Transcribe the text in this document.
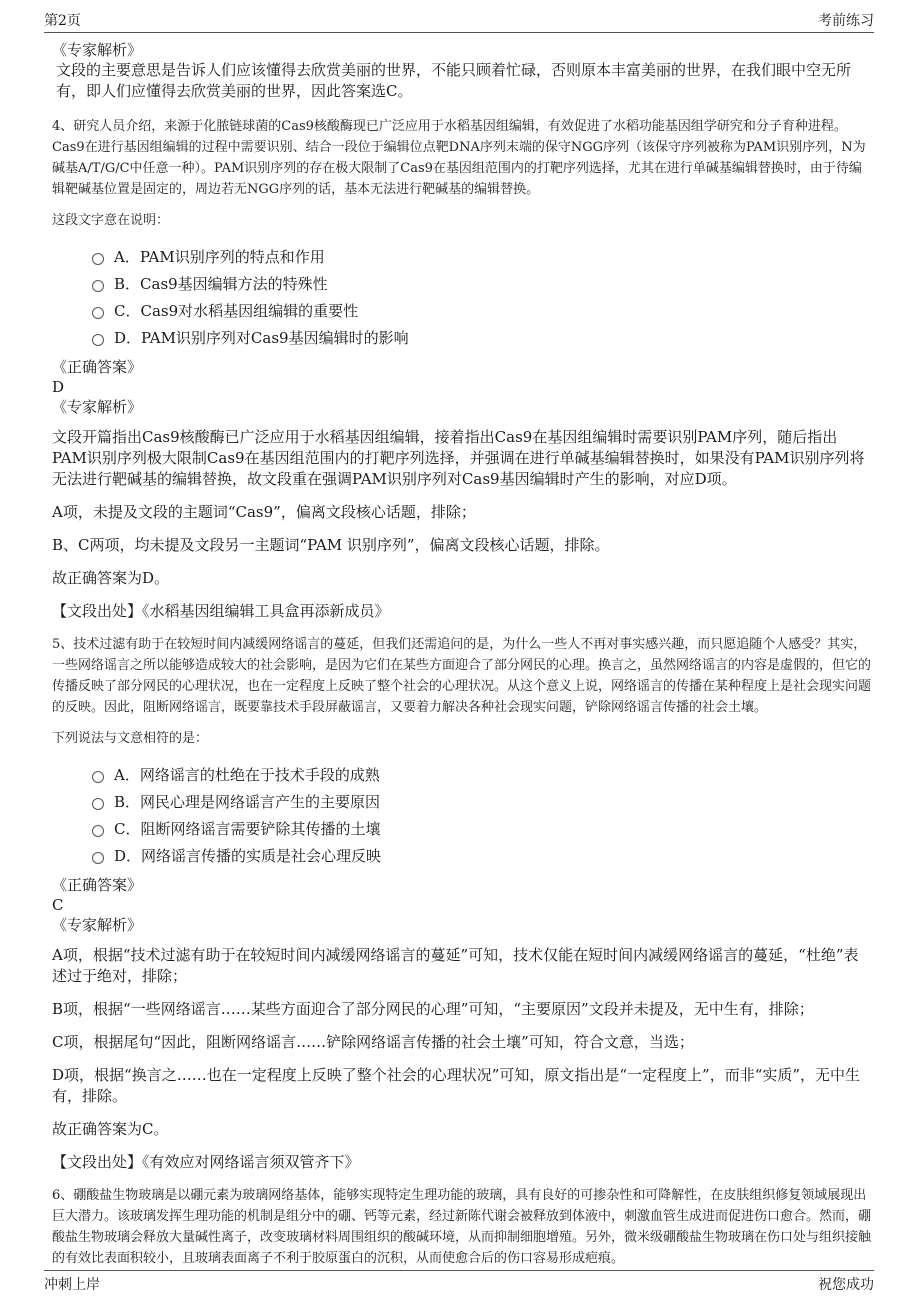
第2页	考前练习

《专家解析》

文段的主要意思是告诉人们应该懂得去欣赏美丽的世界，不能只顾着忙碌，否则原本丰富美丽的世界，在我们眼中空无所有，即人们应懂得去欣赏美丽的世界，因此答案选C。

4、研究人员介绍，来源于化脓链球菌的Cas9核酸酶现已广泛应用于水稻基因组编辑，有效促进了水稻功能基因组学研究和分子育种进程。Cas9在进行基因组编辑的过程中需要识别、结合一段位于编辑位点靶DNA序列末端的保守NGG序列（该保守序列被称为PAM识别序列，N为碱基A/T/G/C中任意一种）。PAM识别序列的存在极大限制了Cas9在基因组范围内的打靶序列选择，尤其在进行单碱基编辑替换时，由于待编辑靶碱基位置是固定的，周边若无NGG序列的话，基本无法进行靶碱基的编辑替换。

这段文字意在说明：

A．PAM识别序列的特点和作用
B．Cas9基因编辑方法的特殊性
C．Cas9对水稻基因组编辑的重要性
D．PAM识别序列对Cas9基因编辑时的影响

《正确答案》

D

《专家解析》

文段开篇指出Cas9核酸酶已广泛应用于水稻基因组编辑，接着指出Cas9在基因组编辑时需要识别PAM序列，随后指出PAM识别序列极大限制Cas9在基因组范围内的打靶序列选择，并强调在进行单碱基编辑替换时，如果没有PAM识别序列将无法进行靶碱基的编辑替换，故文段重在强调PAM识别序列对Cas9基因编辑时产生的影响，对应D项。

A项，未提及文段的主题词“Cas9”，偏离文段核心话题，排除；

B、C两项，均未提及文段另一主题词“PAM 识别序列”，偏离文段核心话题，排除。

故正确答案为D。

【文段出处】《水稻基因组编辑工具盒再添新成员》

5、技术过滤有助于在较短时间内减缓网络谣言的蔓延，但我们还需追问的是，为什么一些人不再对事实感兴趣，而只愿追随个人感受？其实，一些网络谣言之所以能够造成较大的社会影响，是因为它们在某些方面迎合了部分网民的心理。换言之，虽然网络谣言的内容是虚假的，但它的传播反映了部分网民的心理状况，也在一定程度上反映了整个社会的心理状况。从这个意义上说，网络谣言的传播在某种程度上是社会现实问题的反映。因此，阻断网络谣言，既要靠技术手段屏蔽谣言，又要着力解决各种社会现实问题，铲除网络谣言传播的社会土壤。

下列说法与文意相符的是：

A．网络谣言的杜绝在于技术手段的成熟
B．网民心理是网络谣言产生的主要原因
C．阻断网络谣言需要铲除其传播的土壤
D．网络谣言传播的实质是社会心理反映

《正确答案》

C

《专家解析》

A项，根据“技术过滤有助于在较短时间内减缓网络谣言的蔓延”可知，技术仅能在短时间内减缓网络谣言的蔓延，“杜绝”表述过于绝对，排除；

B项，根据“一些网络谣言……某些方面迎合了部分网民的心理”可知，“主要原因”文段并未提及，无中生有，排除；

C项，根据尾句“因此，阻断网络谣言……铲除网络谣言传播的社会土壤”可知，符合文意，当选；

D项，根据“换言之……也在一定程度上反映了整个社会的心理状况”可知，原文指出是“一定程度上”，而非“实质”，无中生有，排除。

故正确答案为C。

【文段出处】《有效应对网络谣言须双管齐下》

6、硼酸盐生物玻璃是以硼元素为玻璃网络基体，能够实现特定生理功能的玻璃，具有良好的可掺杂性和可降解性，在皮肤组织修复领域展现出巨大潜力。该玻璃发挥生理功能的机制是组分中的硼、钙等元素，经过新陈代谢会被释放到体液中，刺激血管生成进而促进伤口愈合。然而，硼酸盐生物玻璃会释放大量碱性离子，改变玻璃材料周围组织的酸碱环境，从而抑制细胞增殖。另外，微米级硼酸盐生物玻璃在伤口处与组织接触的有效比表面积较小，且玻璃表面离子不利于胶原蛋白的沉积，从而使愈合后的伤口容易形成疤痕。

冲刺上岸	祝您成功
